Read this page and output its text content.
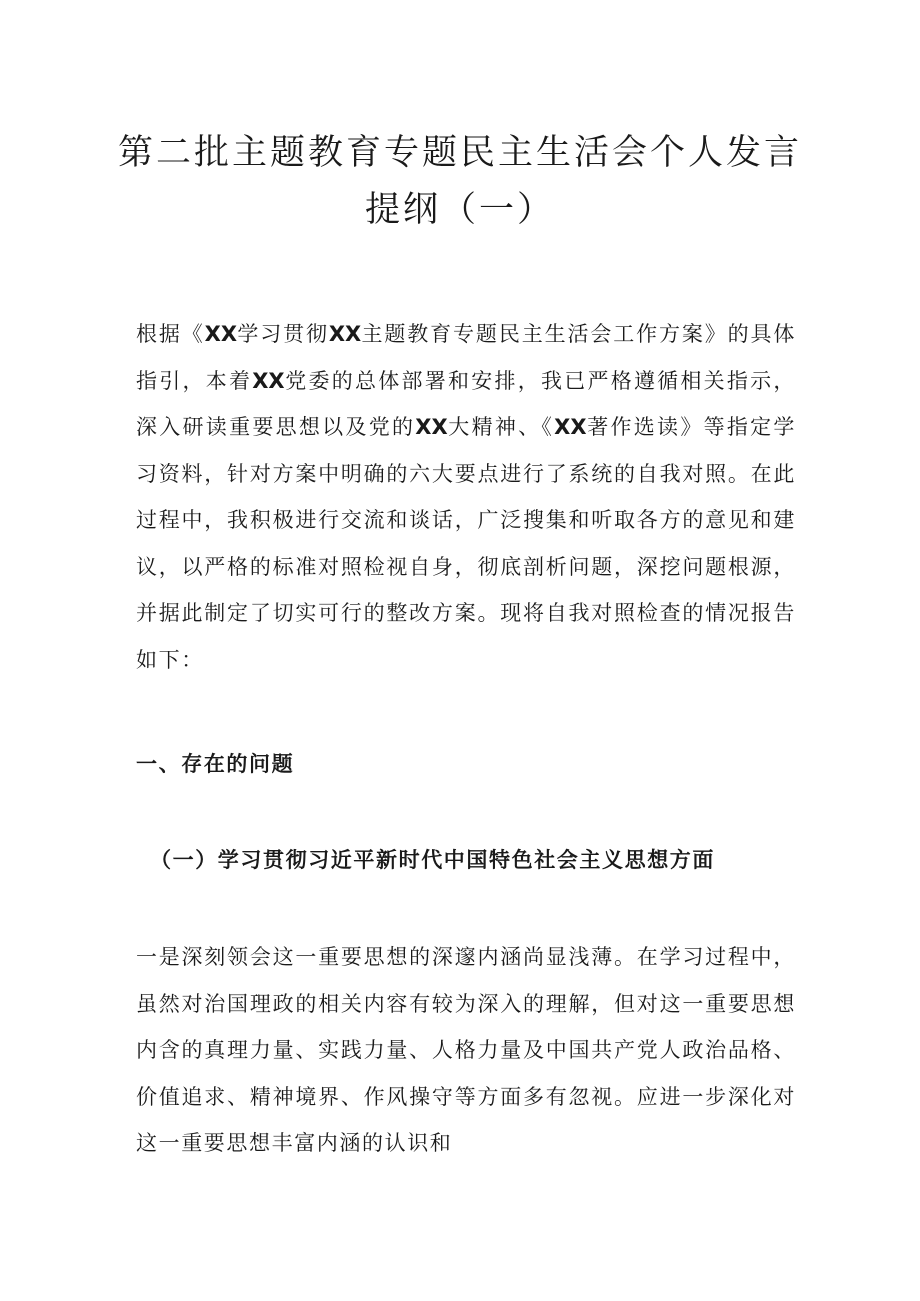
第二批主题教育专题民主生活会个人发言
提纲（一）

根据《XX学习贯彻XX主题教育专题民主生活会工作方案》的具体指引，本着XX党委的总体部署和安排，我已严格遵循相关指示，深入研读重要思想以及党的XX大精神、《XX著作选读》等指定学习资料，针对方案中明确的六大要点进行了系统的自我对照。在此过程中，我积极进行交流和谈话，广泛搜集和听取各方的意见和建议，以严格的标准对照检视自身，彻底剖析问题，深挖问题根源，并据此制定了切实可行的整改方案。现将自我对照检查的情况报告如下：

一、存在的问题
（一）学习贯彻习近平新时代中国特色社会主义思想方面

一是深刻领会这一重要思想的深邃内涵尚显浅薄。在学习过程中，虽然对治国理政的相关内容有较为深入的理解，但对这一重要思想内含的真理力量、实践力量、人格力量及中国共产党人政治品格、价值追求、精神境界、作风操守等方面多有忽视。应进一步深化对这一重要思想丰富内涵的认识和
